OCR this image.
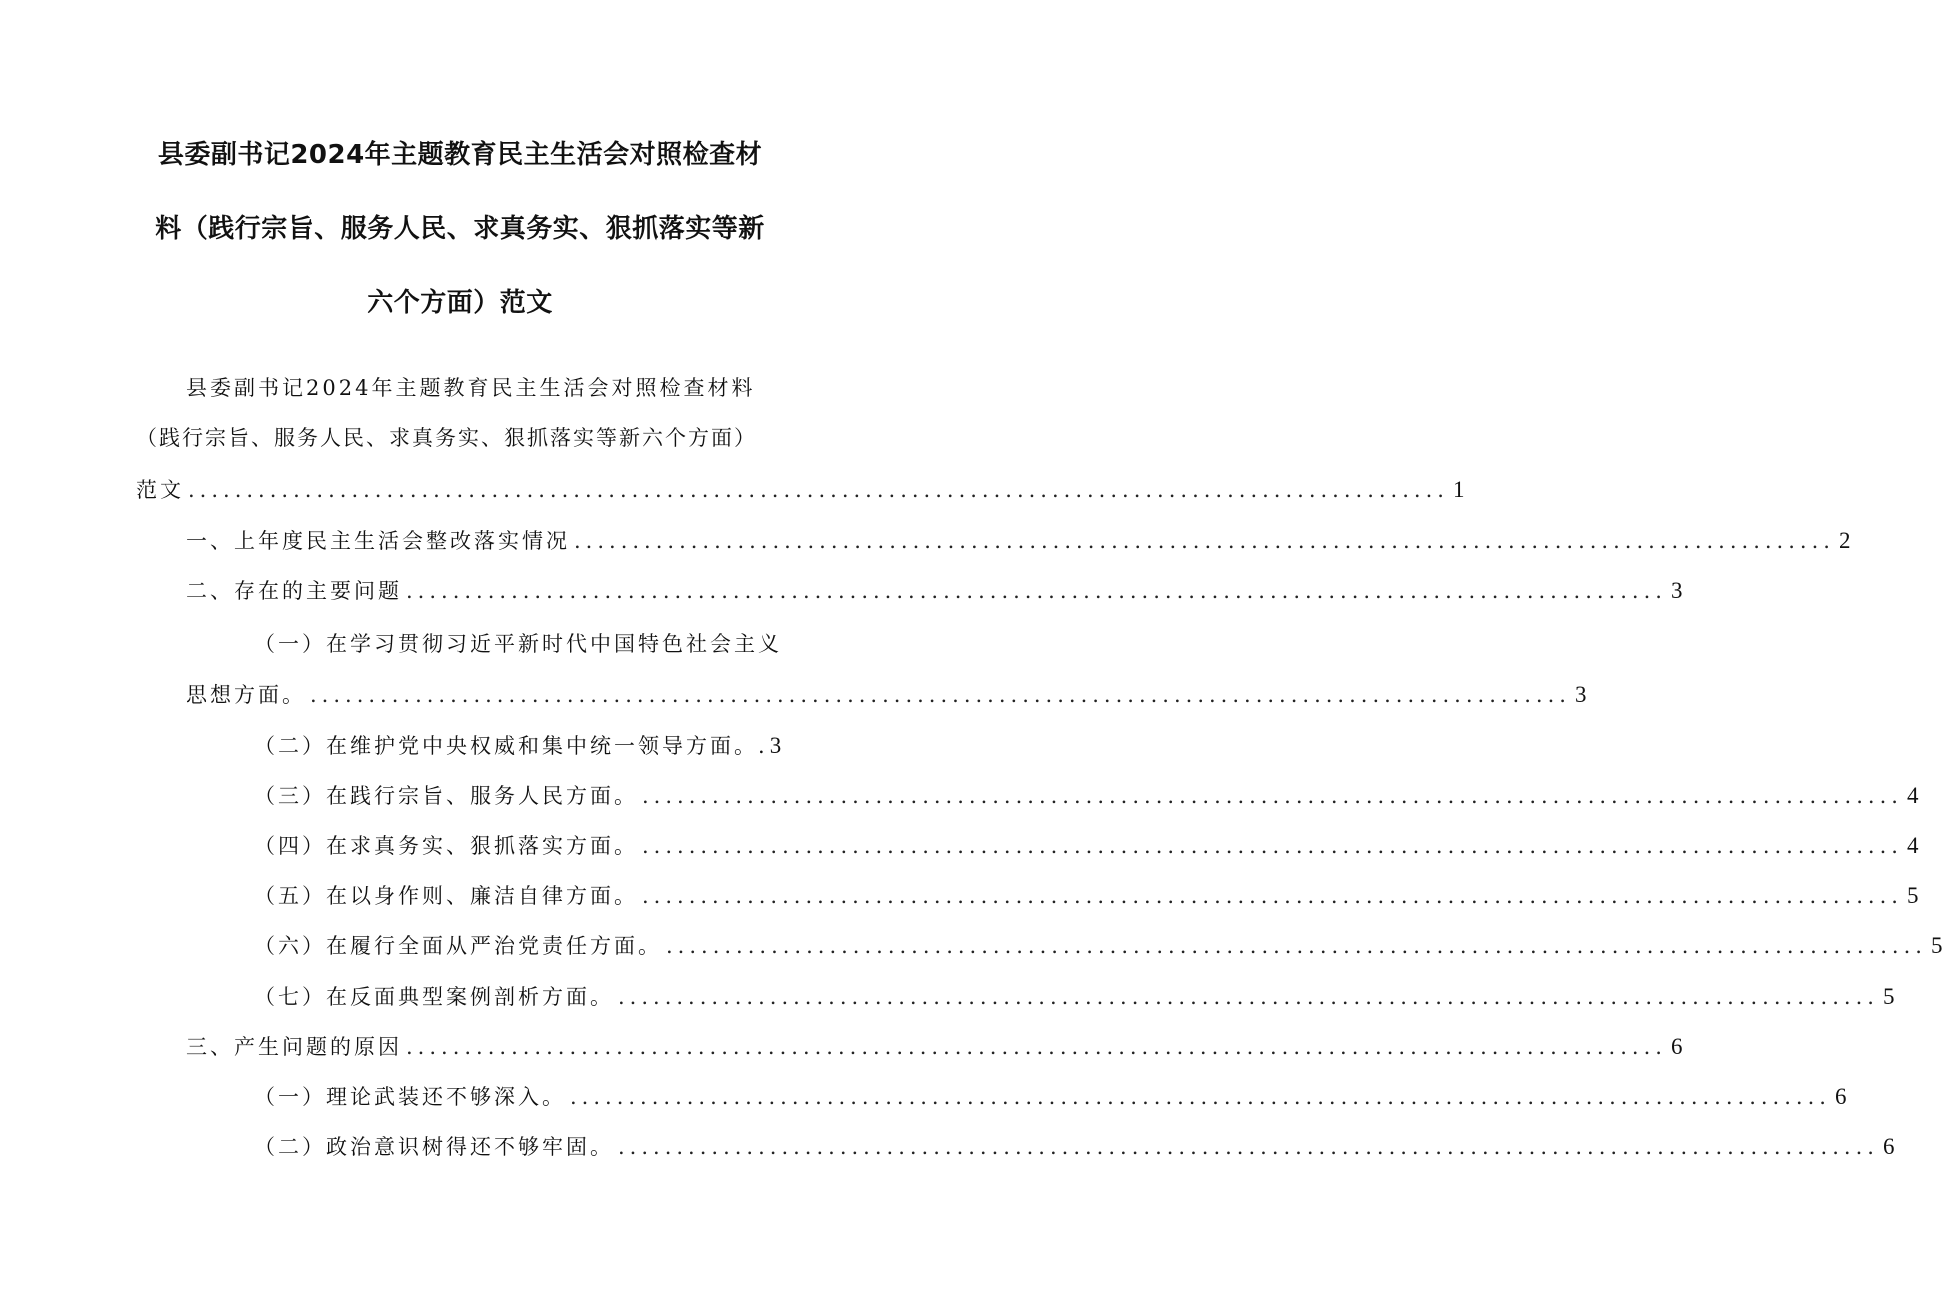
县委副书记2024年主题教育民主生活会对照检查材
料（践行宗旨、服务人民、求真务实、狠抓落实等新
六个方面）范文
县委副书记2024年主题教育民主生活会对照检查材料
（践行宗旨、服务人民、求真务实、狠抓落实等新六个方面）
范文 ............................................................................................................ 1
一、上年度民主生活会整改落实情况 ............................................................................................................ 2
二、存在的主要问题 ............................................................................................................ 3
（一）在学习贯彻习近平新时代中国特色社会主义
思想方面。 ............................................................................................................ 3
（二）在维护党中央权威和集中统一领导方面。. 3
（三）在践行宗旨、服务人民方面。 ............................................................................................................ 4
（四）在求真务实、狠抓落实方面。 ............................................................................................................ 4
（五）在以身作则、廉洁自律方面。 ............................................................................................................ 5
（六）在履行全面从严治党责任方面。 ............................................................................................................ 5
（七）在反面典型案例剖析方面。 ............................................................................................................ 5
三、产生问题的原因 ............................................................................................................ 6
（一）理论武装还不够深入。 ............................................................................................................ 6
（二）政治意识树得还不够牢固。 ............................................................................................................ 6
